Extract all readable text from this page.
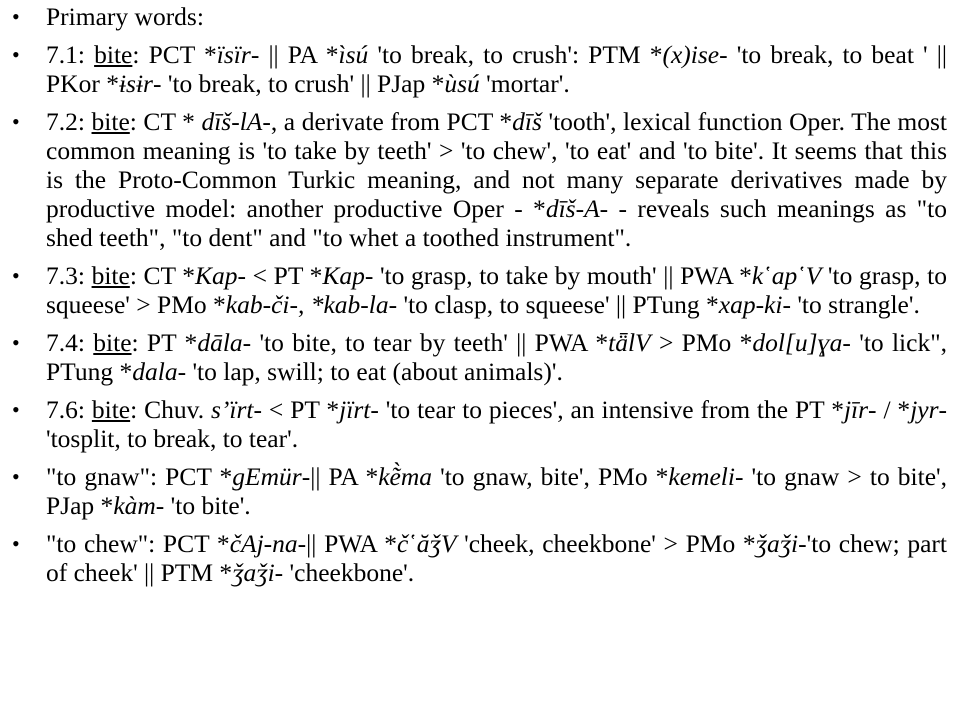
•	Primary words:
•	7.1: bite: PCT *ïsïr- || PA *ìsú 'to break, to crush': PTM *(x)ise- 'to break, to beat ' || PKor *ɨsɨr- 'to break, to crush' || PJap *ùsú 'mortar'.
•	7.2: bite: CT * dīš-lA-, a derivate from PCT *dīš 'tooth', lexical function Oper. The most common meaning is 'to take by teeth' > 'to chew', 'to eat' and 'to bite'. It seems that this is the Proto-Common Turkic meaning, and not many separate derivatives made by productive model: another productive Oper - *dīš-A- - reveals such meanings as "to shed teeth", "to dent" and "to whet a toothed instrument".
•	7.3: bite: CT *Kap- < PT *Kap- 'to grasp, to take by mouth' || PWA *k῾ap῾V 'to grasp, to squeese' > PMo *kab-či-, *kab-la- 'to clasp, to squeese' || PTung *xap-ki- 'to strangle'.
•	7.4: bite: PT *dāla- 'to bite, to tear by teeth' || PWA *tǟlV > PMo *dol[u]ɣa- 'to lick", PTung *dala- 'to lap, swill; to eat (about animals)'.
•	7.6: bite: Chuv. s’ïrt- < PT *jïrt- 'to tear to pieces', an intensive from the PT *jīr- / *jyr- 'tosplit, to break, to tear'.
•	"to gnaw": PCT *gEmür-|| PA *kẽ̀ma 'to gnaw, bite', PMo *kemeli- 'to gnaw > to bite', PJap *kàm- 'to bite'.
•	"to chew": PCT *čAj-na-|| PWA *č῾ăǯV 'cheek, cheekbone' > PMo *ǯaǯi-'to chew; part of cheek' || PTM *ǯaǯi- 'cheekbone'.
